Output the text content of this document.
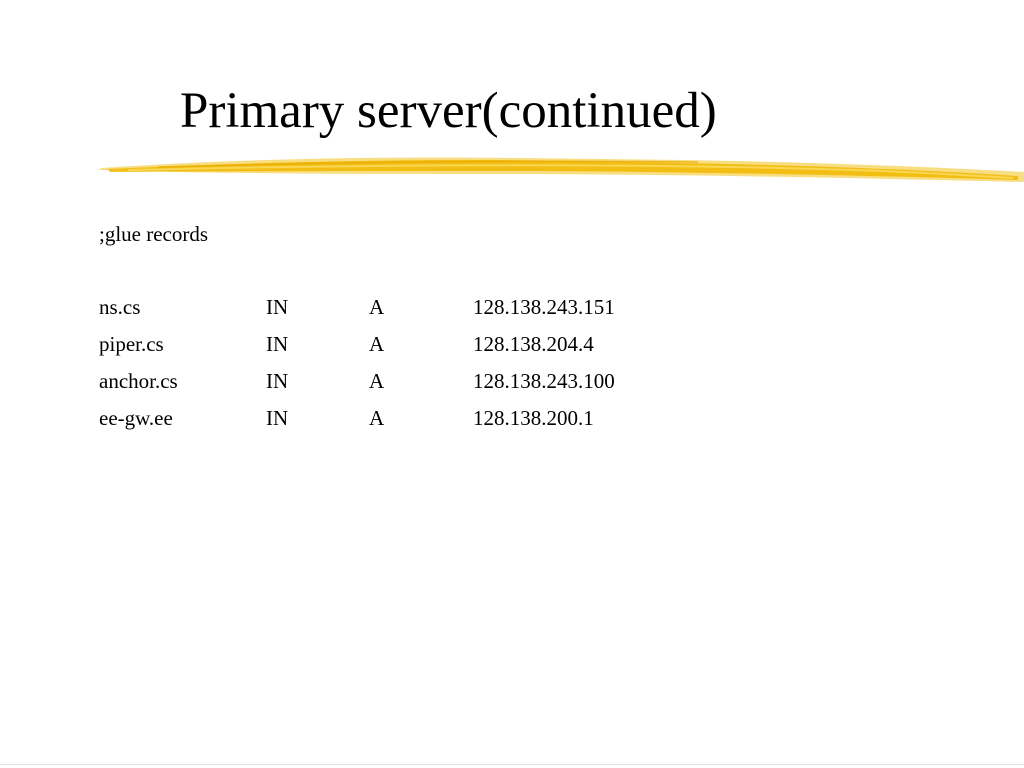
Primary server(continued)
;glue records
ns.cs	IN	A	128.138.243.151
piper.cs	IN	A	128.138.204.4
anchor.cs	IN	A	128.138.243.100
ee-gw.ee	IN	A	128.138.200.1
